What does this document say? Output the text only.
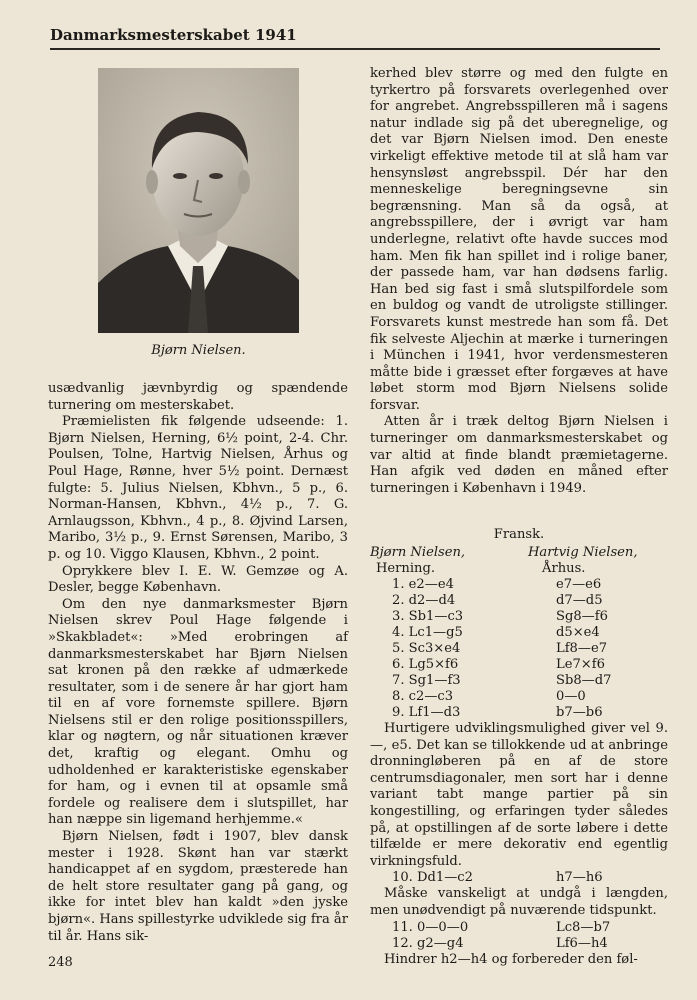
Danmarksmesterskabet 1941
Bjørn Nielsen.

usædvanlig jævnbyrdig og spændende turnering om mesterskabet.

Præmielisten fik følgende udseende: 1. Bjørn Nielsen, Herning, 6½ point, 2-4. Chr. Poulsen, Tolne, Hartvig Nielsen, Århus og Poul Hage, Rønne, hver 5½ point. Dernæst fulgte: 5. Julius Nielsen, Kbhvn., 5 p., 6. Norman-Hansen, Kbhvn., 4½ p., 7. G. Arnlaugsson, Kbhvn., 4 p., 8. Øjvind Larsen, Maribo, 3½ p., 9. Ernst Sørensen, Maribo, 3 p. og 10. Viggo Klausen, Kbhvn., 2 point.

Oprykkere blev I. E. W. Gemzøe og A. Desler, begge København.

Om den nye danmarksmester Bjørn Nielsen skrev Poul Hage følgende i »Skakbladet«: »Med erobringen af danmarksmesterskabet har Bjørn Nielsen sat kronen på den række af udmærkede resultater, som i de senere år har gjort ham til en af vore fornemste spillere. Bjørn Nielsens stil er den rolige positionsspillers, klar og nøgtern, og når situationen kræver det, kraftig og elegant. Omhu og udholdenhed er karakteristiske egenskaber for ham, og i evnen til at opsamle små fordele og realisere dem i slutspillet, har han næppe sin ligemand herhjemme.«

Bjørn Nielsen, født i 1907, blev dansk mester i 1928. Skønt han var stærkt handicappet af en sygdom, præsterede han de helt store resultater gang på gang, og ikke for intet blev han kaldt »den jyske bjørn«. Hans spillestyrke udviklede sig fra år til år. Hans sik-

kerhed blev større og med den fulgte en tyrkertro på forsvarets overlegenhed over for angrebet. Angrebsspilleren må i sagens natur indlade sig på det uberegnelige, og det var Bjørn Nielsen imod. Den eneste virkeligt effektive metode til at slå ham var hensynsløst angrebsspil. Dér har den menneskelige beregningsevne sin begrænsning. Man så da også, at angrebsspillere, der i øvrigt var ham underlegne, relativt ofte havde succes mod ham. Men fik han spillet ind i rolige baner, der passede ham, var han dødsens farlig. Han bed sig fast i små slutspilfordele som en buldog og vandt de utroligste stillinger. Forsvarets kunst mestrede han som få. Det fik selveste Aljechin at mærke i turneringen i München i 1941, hvor verdensmesteren måtte bide i græsset efter forgæves at have løbet storm mod Bjørn Nielsens solide forsvar.

Atten år i træk deltog Bjørn Nielsen i turneringer om danmarksmesterskabet og var altid at finde blandt præmietagerne. Han afgik ved døden en måned efter turneringen i København i 1949.

Fransk.
Bjørn Nielsen,
Herning.
Hartvig Nielsen,
Århus.
1. e2—e4	e7—e6
2. d2—d4	d7—d5
3. Sb1—c3	Sg8—f6
4. Lc1—g5	d5×e4
5. Sc3×e4	Lf8—e7
6. Lg5×f6	Le7×f6
7. Sg1—f3	Sb8—d7
8. c2—c3	0—0
9. Lf1—d3	b7—b6

Hurtigere udviklingsmulighed giver vel 9. —, e5. Det kan se tillokkende ud at anbringe dronningløberen på en af de store centrumsdiagonaler, men sort har i denne variant tabt mange partier på sin kongestilling, og erfaringen tyder således på, at opstillingen af de sorte løbere i dette tilfælde er mere dekorativ end egentlig virkningsfuld.

10. Dd1—c2	h7—h6

Måske vanskeligt at undgå i længden, men unødvendigt på nuværende tidspunkt.

11. 0—0—0	Lc8—b7
12. g2—g4	Lf6—h4

Hindrer h2—h4 og forbereder den føl-

248
